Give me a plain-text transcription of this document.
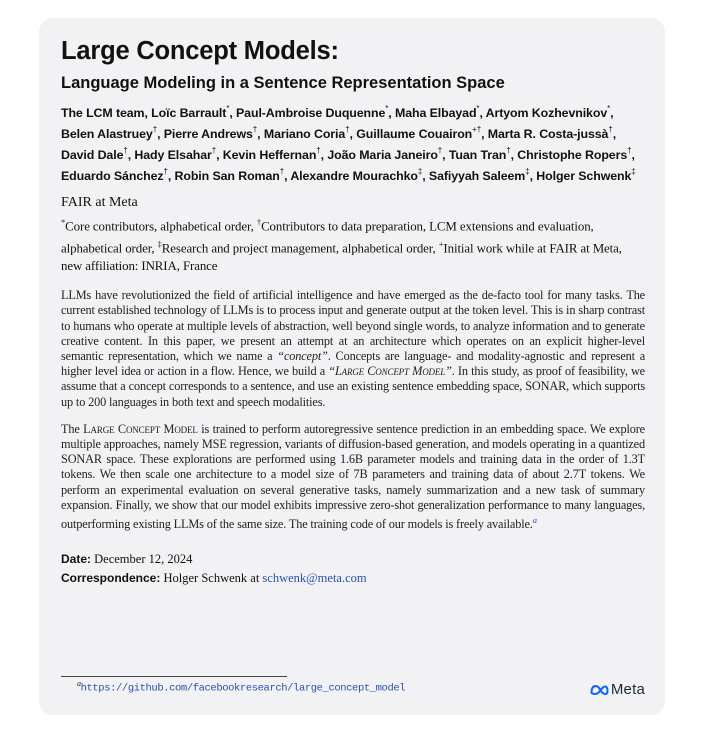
Large Concept Models:
Language Modeling in a Sentence Representation Space
The LCM team, Loïc Barrault*, Paul-Ambroise Duquenne*, Maha Elbayad*, Artyom Kozhevnikov*, Belen Alastruey†, Pierre Andrews†, Mariano Coria†, Guillaume Couairon+†, Marta R. Costa-jussà†, David Dale†, Hady Elsahar†, Kevin Heffernan†, João Maria Janeiro†, Tuan Tran†, Christophe Ropers†, Eduardo Sánchez†, Robin San Roman†, Alexandre Mourachko‡, Safiyyah Saleem‡, Holger Schwenk‡
FAIR at Meta
*Core contributors, alphabetical order, †Contributors to data preparation, LCM extensions and evaluation, alphabetical order, ‡Research and project management, alphabetical order, +Initial work while at FAIR at Meta, new affiliation: INRIA, France
LLMs have revolutionized the field of artificial intelligence and have emerged as the de-facto tool for many tasks. The current established technology of LLMs is to process input and generate output at the token level. This is in sharp contrast to humans who operate at multiple levels of abstraction, well beyond single words, to analyze information and to generate creative content. In this paper, we present an attempt at an architecture which operates on an explicit higher-level semantic representation, which we name a “concept”. Concepts are language- and modality-agnostic and represent a higher level idea or action in a flow. Hence, we build a “Large Concept Model”. In this study, as proof of feasibility, we assume that a concept corresponds to a sentence, and use an existing sentence embedding space, SONAR, which supports up to 200 languages in both text and speech modalities.
The Large Concept Model is trained to perform autoregressive sentence prediction in an embedding space. We explore multiple approaches, namely MSE regression, variants of diffusion-based generation, and models operating in a quantized SONAR space. These explorations are performed using 1.6B parameter models and training data in the order of 1.3T tokens. We then scale one architecture to a model size of 7B parameters and training data of about 2.7T tokens. We perform an experimental evaluation on several generative tasks, namely summarization and a new task of summary expansion. Finally, we show that our model exhibits impressive zero-shot generalization performance to many languages, outperforming existing LLMs of the same size. The training code of our models is freely available.$^a$
Date: December 12, 2024
Correspondence: Holger Schwenk at schwenk@meta.com
$^a$https://github.com/facebookresearch/large_concept_model	Meta
